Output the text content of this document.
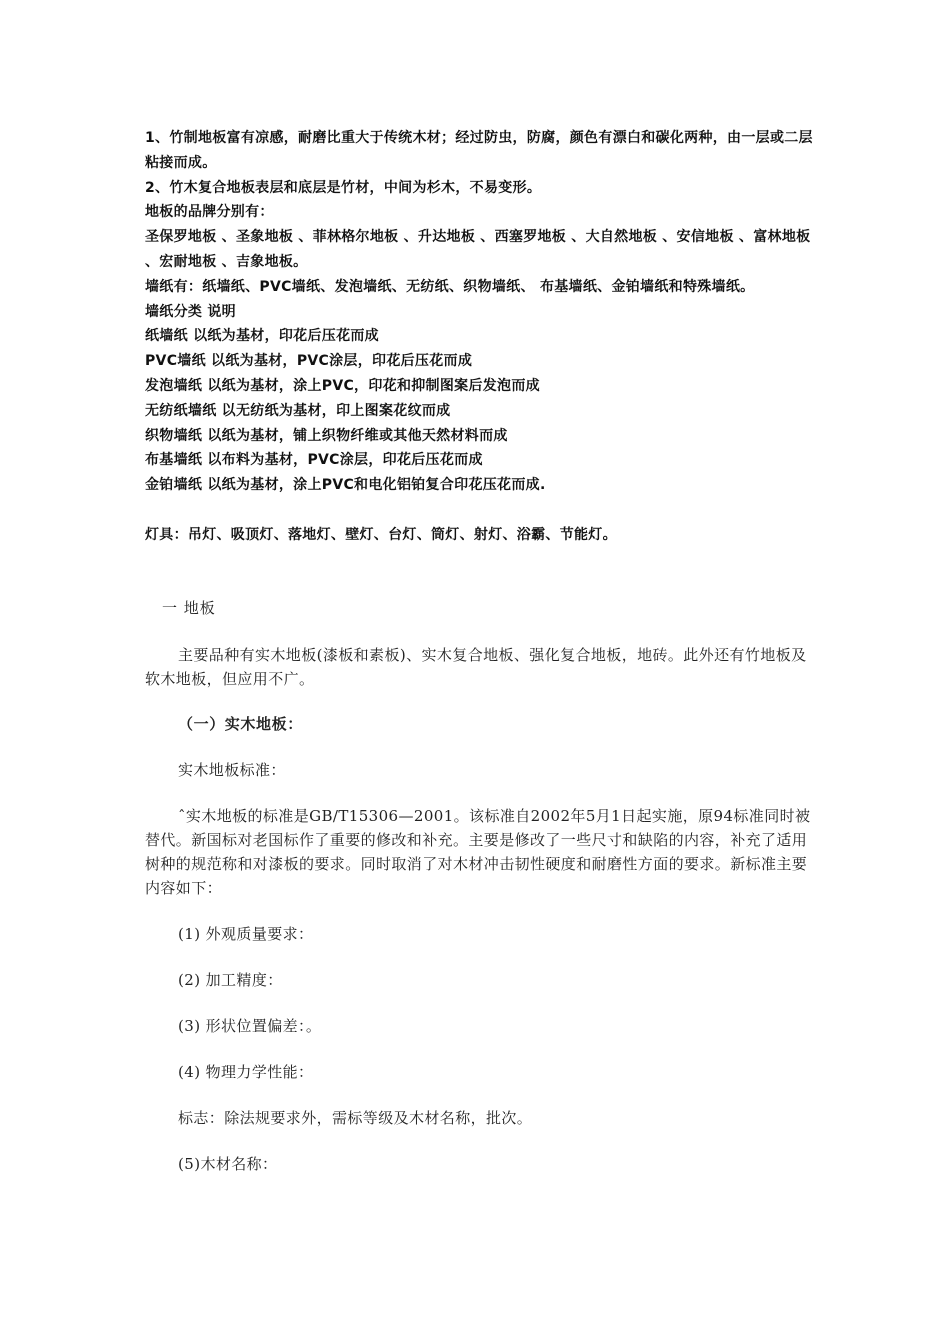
1、竹制地板富有凉感，耐磨比重大于传统木材；经过防虫，防腐，颜色有漂白和碳化两种，由一层或二层粘接而成。

2、竹木复合地板表层和底层是竹材，中间为杉木，不易变形。

地板的品牌分别有：

圣保罗地板 、圣象地板 、菲林格尔地板 、升达地板 、西塞罗地板 、大自然地板 、安信地板 、富林地板 、宏耐地板 、吉象地板。

墙纸有：纸墙纸、PVC墙纸、发泡墙纸、无纺纸、织物墙纸、 布基墙纸、金铂墙纸和特殊墙纸。

墙纸分类 说明

纸墙纸 以纸为基材，印花后压花而成

PVC墙纸 以纸为基材，PVC涂层，印花后压花而成

发泡墙纸 以纸为基材，涂上PVC，印花和抑制图案后发泡而成

无纺纸墙纸 以无纺纸为基材，印上图案花纹而成

织物墙纸 以纸为基材，铺上织物纤维或其他天然材料而成

布基墙纸 以布料为基材，PVC涂层，印花后压花而成

金铂墙纸 以纸为基材，涂上PVC和电化铝铂复合印花压花而成.

灯具：吊灯、吸顶灯、落地灯、壁灯、台灯、筒灯、射灯、浴霸、节能灯。

一 地板

主要品种有实木地板(漆板和素板)、实木复合地板、强化复合地板，地砖。此外还有竹地板及软木地板，但应用不广。

（一）实木地板：

实木地板标准：

ˆ实木地板的标准是GB/T15306—2001。该标准自2002年5月1日起实施，原94标准同时被替代。新国标对老国标作了重要的修改和补充。主要是修改了一些尺寸和缺陷的内容，补充了适用树种的规范称和对漆板的要求。同时取消了对木材冲击韧性硬度和耐磨性方面的要求。新标准主要内容如下：

(1) 外观质量要求：

(2) 加工精度：

(3) 形状位置偏差：。

(4) 物理力学性能：

标志：除法规要求外，需标等级及木材名称，批次。

(5)木材名称：
